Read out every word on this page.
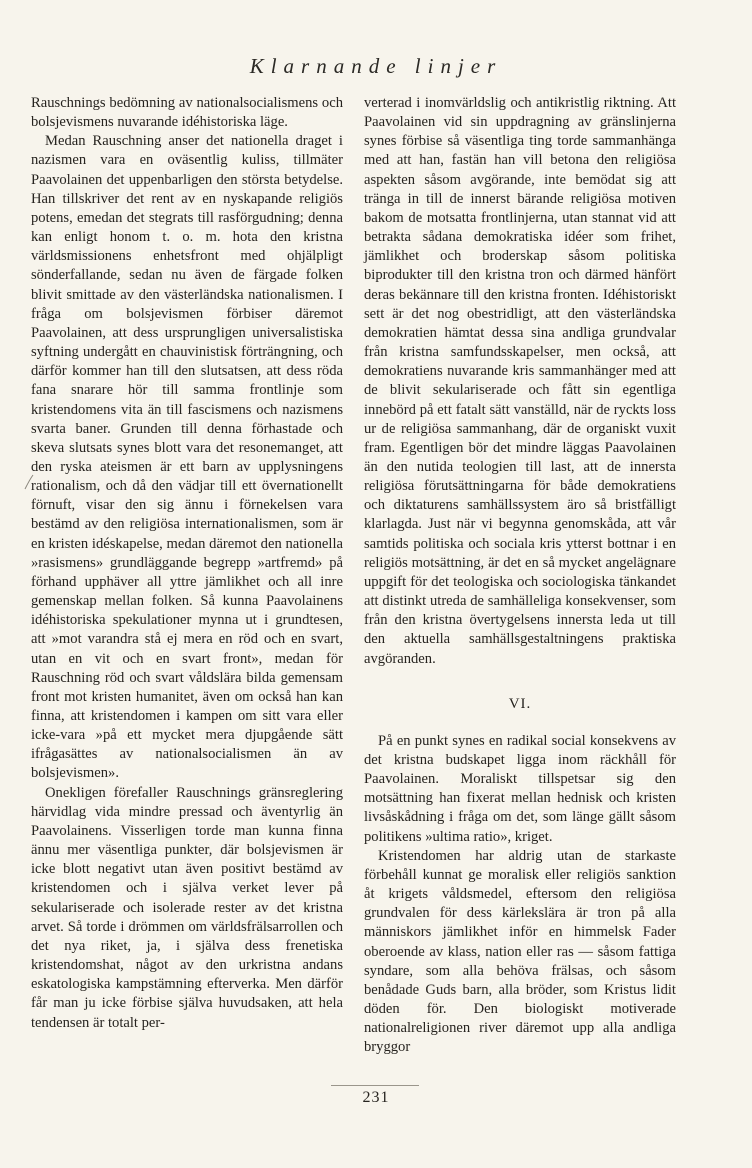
Klarnande linjer

Rauschnings bedömning av nationalsocialismens och bolsjevismens nuvarande idéhistoriska läge.

Medan Rauschning anser det nationella draget i nazismen vara en oväsentlig kuliss, tillmäter Paavolainen det uppenbarligen den största betydelse. Han tillskriver det rent av en nyskapande religiös potens, emedan det stegrats till rasförgudning; denna kan enligt honom t. o. m. hota den kristna världsmissionens enhetsfront med ohjälpligt sönderfallande, sedan nu även de färgade folken blivit smittade av den västerländska nationalismen. I fråga om bolsjevismen förbiser däremot Paavolainen, att dess ursprungligen universalistiska syftning undergått en chauvinistisk förträngning, och därför kommer han till den slutsatsen, att dess röda fana snarare hör till samma frontlinje som kristendomens vita än till fascismens och nazismens svarta baner. Grunden till denna förhastade och skeva slutsats synes blott vara det resonemanget, att den ryska ateismen är ett barn av upplysningens rationalism, och då den vädjar till ett övernationellt förnuft, visar den sig ännu i förnekelsen vara bestämd av den religiösa internationalismen, som är en kristen idéskapelse, medan däremot den nationella »rasismens» grundläggande begrepp »artfremd» på förhand upphäver all yttre jämlikhet och all inre gemenskap mellan folken. Så kunna Paavolainens idéhistoriska spekulationer mynna ut i grundtesen, att »mot varandra stå ej mera en röd och en svart, utan en vit och en svart front», medan för Rauschning röd och svart våldslära bilda gemensam front mot kristen humanitet, även om också han kan finna, att kristendomen i kampen om sitt vara eller icke-vara »på ett mycket mera djupgående sätt ifrågasättes av nationalsocialismen än av bolsjevismen».

Onekligen förefaller Rauschnings gränsreglering härvidlag vida mindre pressad och äventyrlig än Paavolainens. Visserligen torde man kunna finna ännu mer väsentliga punkter, där bolsjevismen är icke blott negativt utan även positivt bestämd av kristendomen och i själva verket lever på sekulariserade och isolerade rester av det kristna arvet. Så torde i drömmen om världsfrälsarrollen och det nya riket, ja, i själva dess frenetiska kristendomshat, något av den urkristna andans eskatologiska kampstämning efterverka. Men därför får man ju icke förbise själva huvudsaken, att hela tendensen är totalt per-

verterad i inomvärldslig och antikristlig riktning. Att Paavolainen vid sin uppdragning av gränslinjerna synes förbise så väsentliga ting torde sammanhänga med att han, fastän han vill betona den religiösa aspekten såsom avgörande, inte bemödat sig att tränga in till de innerst bärande religiösa motiven bakom de motsatta frontlinjerna, utan stannat vid att betrakta sådana demokratiska idéer som frihet, jämlikhet och broderskap såsom politiska biprodukter till den kristna tron och därmed hänfört deras bekännare till den kristna fronten. Idéhistoriskt sett är det nog obestridligt, att den västerländska demokratien hämtat dessa sina andliga grundvalar från kristna samfundsskapelser, men också, att demokratiens nuvarande kris sammanhänger med att de blivit sekulariserade och fått sin egentliga innebörd på ett fatalt sätt vanställd, när de ryckts loss ur de religiösa sammanhang, där de organiskt vuxit fram. Egentligen bör det mindre läggas Paavolainen än den nutida teologien till last, att de innersta religiösa förutsättningarna för både demokratiens och diktaturens samhällssystem äro så bristfälligt klarlagda. Just när vi begynna genomskåda, att vår samtids politiska och sociala kris ytterst bottnar i en religiös motsättning, är det en så mycket angelägnare uppgift för det teologiska och sociologiska tänkandet att distinkt utreda de samhälleliga konsekvenser, som från den kristna övertygelsens innersta leda ut till den aktuella samhällsgestaltningens praktiska avgöranden.

VI.

På en punkt synes en radikal social konsekvens av det kristna budskapet ligga inom räckhåll för Paavolainen. Moraliskt tillspetsar sig den motsättning han fixerat mellan hednisk och kristen livsåskådning i fråga om det, som länge gällt såsom politikens »ultima ratio», kriget.

Kristendomen har aldrig utan de starkaste förbehåll kunnat ge moralisk eller religiös sanktion åt krigets våldsmedel, eftersom den religiösa grundvalen för dess kärlekslära är tron på alla människors jämlikhet inför en himmelsk Fader oberoende av klass, nation eller ras — såsom fattiga syndare, som alla behöva frälsas, och såsom benådade Guds barn, alla bröder, som Kristus lidit döden för. Den biologiskt motiverade nationalreligionen river däremot upp alla andliga bryggor

231
